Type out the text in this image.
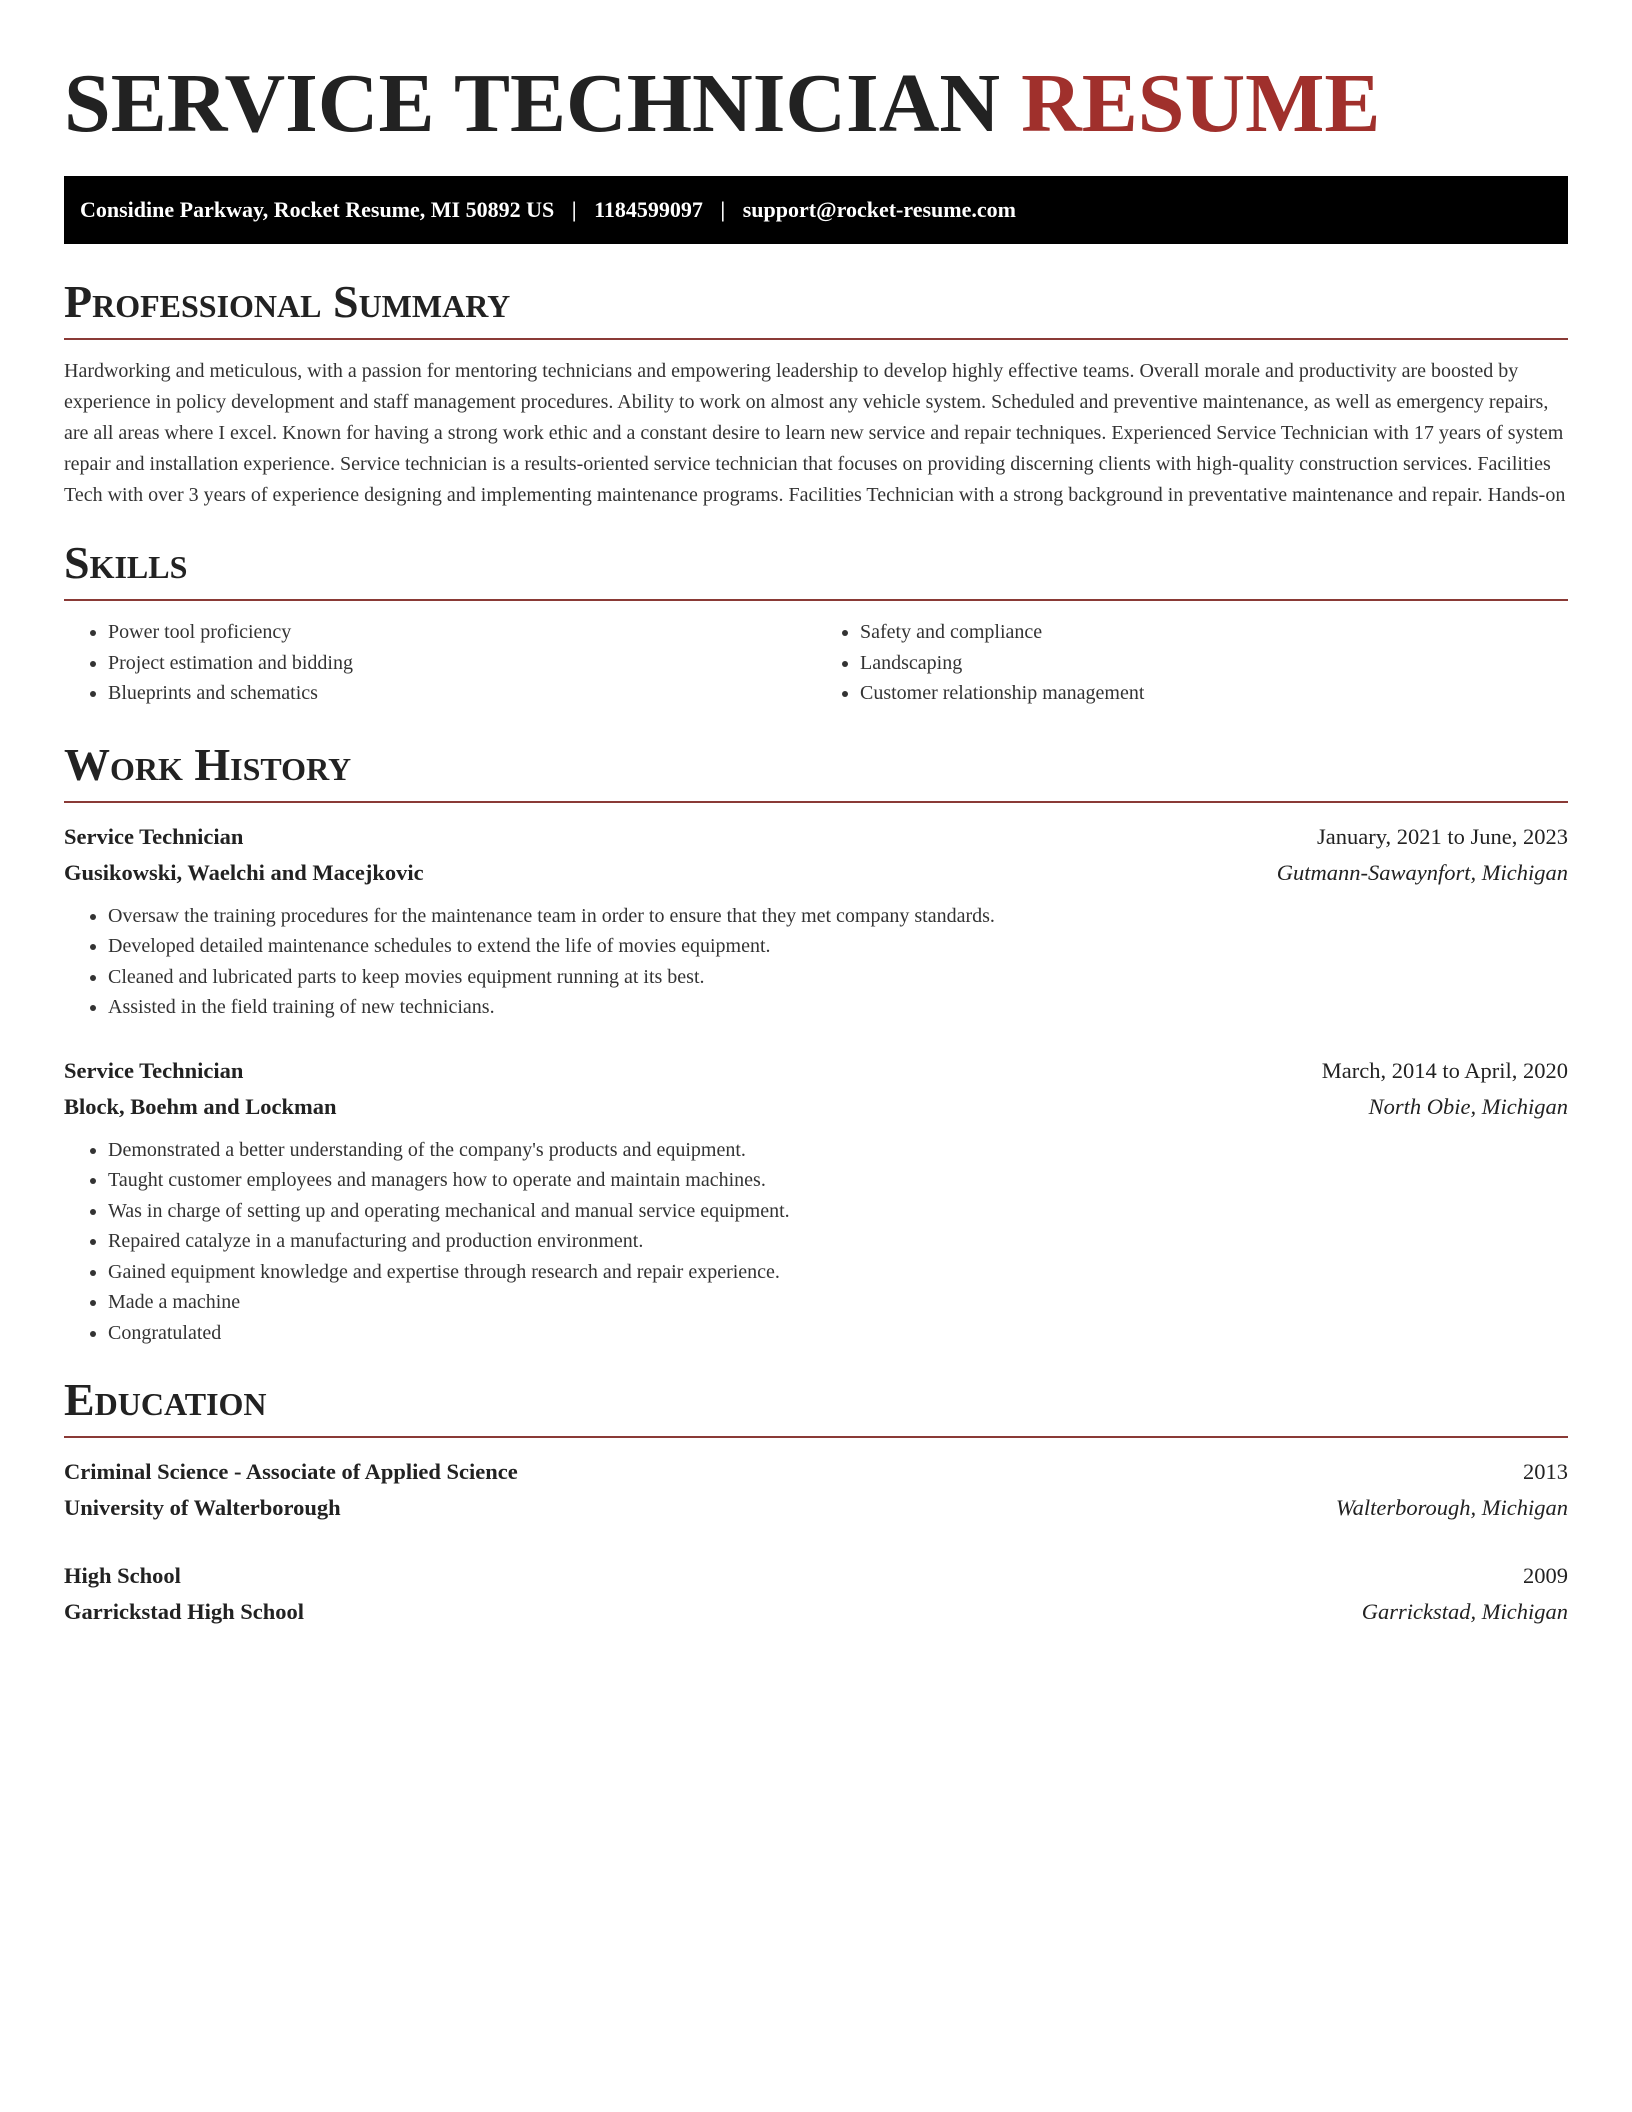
SERVICE TECHNICIAN RESUME
Considine Parkway, Rocket Resume, MI 50892 US | 1184599097 | support@rocket-resume.com
Professional Summary

Hardworking and meticulous, with a passion for mentoring technicians and empowering leadership to develop highly effective teams. Overall morale and productivity are boosted by experience in policy development and staff management procedures. Ability to work on almost any vehicle system. Scheduled and preventive maintenance, as well as emergency repairs, are all areas where I excel. Known for having a strong work ethic and a constant desire to learn new service and repair techniques. Experienced Service Technician with 17 years of system repair and installation experience. Service technician is a results-oriented service technician that focuses on providing discerning clients with high-quality construction services. Facilities Tech with over 3 years of experience designing and implementing maintenance programs. Facilities Technician with a strong background in preventative maintenance and repair. Hands-on

Skills
• Power tool proficiency
• Project estimation and bidding
• Blueprints and schematics
• Safety and compliance
• Landscaping
• Customer relationship management
Work History
Service Technician	January, 2021 to June, 2023
Gusikowski, Waelchi and Macejkovic	Gutmann-Sawaynfort, Michigan
• Oversaw the training procedures for the maintenance team in order to ensure that they met company standards.
• Developed detailed maintenance schedules to extend the life of movies equipment.
• Cleaned and lubricated parts to keep movies equipment running at its best.
• Assisted in the field training of new technicians.
Service Technician	March, 2014 to April, 2020
Block, Boehm and Lockman	North Obie, Michigan
• Demonstrated a better understanding of the company's products and equipment.
• Taught customer employees and managers how to operate and maintain machines.
• Was in charge of setting up and operating mechanical and manual service equipment.
• Repaired catalyze in a manufacturing and production environment.
• Gained equipment knowledge and expertise through research and repair experience.
• Made a machine
• Congratulated
Education
Criminal Science - Associate of Applied Science	2013
University of Walterborough	Walterborough, Michigan
High School	2009
Garrickstad High School	Garrickstad, Michigan
